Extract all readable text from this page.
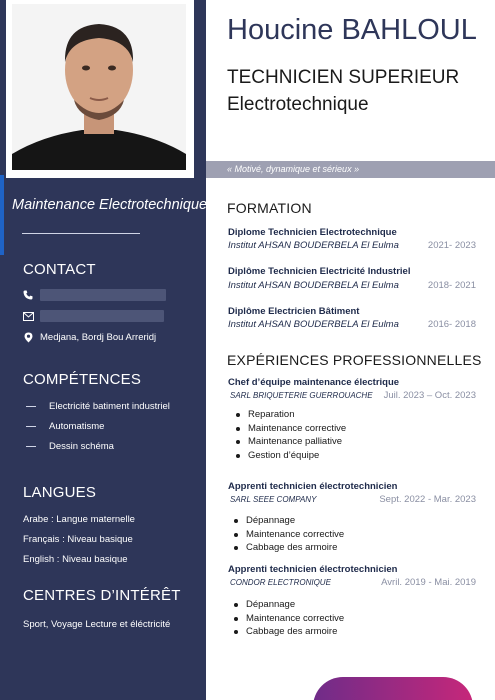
Maintenance Electrotechnique
CONTACT
Medjana, Bordj Bou Arreridj
COMPÉTENCES
Electricité batiment industriel
Automatisme
Dessin schéma
LANGUES
Arabe : Langue maternelle
Français : Niveau basique
English : Niveau basique
CENTRES D’INTÉRÊT
Sport, Voyage Lecture et éléctricité
Houcine BAHLOUL
TECHNICIEN SUPERIEUR
Electrotechnique
« Motivé, dynamique et sérieux »
FORMATION
Diplome Technicien Electrotechnique
Institut AHSAN BOUDERBELA El Eulma	2021- 2023
Diplôme Technicien Electricité Industriel
Institut AHSAN BOUDERBELA El Eulma	2018- 2021
Diplôme Electricien Bâtiment
Institut AHSAN BOUDERBELA El Eulma	2016- 2018
EXPÉRIENCES PROFESSIONNELLES
Chef d’équipe maintenance électrique
SARL BRIQUETERIE GUERROUACHE Juil. 2023 – Oct. 2023
Reparation
Maintenance corrective
Maintenance palliative
Gestion d’équipe
Apprenti technicien électrotechnicien
SARL SEEE COMPANY	Sept. 2022 - Mar. 2023
Dépannage
Maintenance corrective
Cabbage des armoire
Apprenti technicien électrotechnicien
CONDOR ELECTRONIQUE	Avril. 2019 - Mai. 2019
Dépannage
Maintenance corrective
Cabbage des armoire
